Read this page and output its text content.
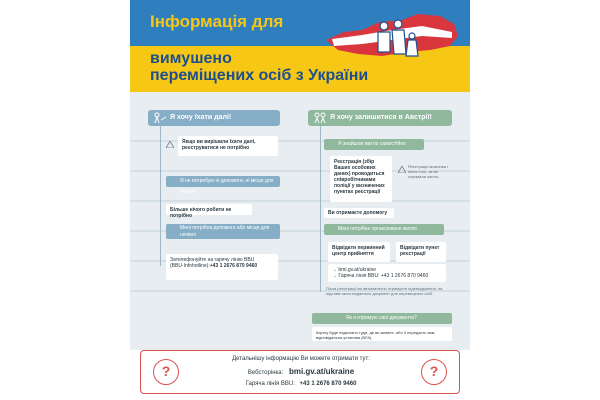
Інформація для
вимушено
переміщених осіб з України
Я хочу їхати далі!
Якщо ви вирішили їхати далі, реєструватися не потрібно
Я не потребую ні допомоги, ні місця для ночівлі
Більше нічого робити не потрібно
Мені потрібна допомога або місце для ночівлі
Зателефонуйте на гарячу лінію BBU
(BBU-Infohotline):+43 1 2676 870 9460
Я хочу залишитися в Австрії!
Я знайшов житло самостійно
Реєстрація (збір Ваших особових даних) проводиться співробітниками поліції у визначених пунктах реєстрації
Реєстрація можлива і після того, як ви отримали житло.
Ви отримаєте допомогу
Мені потрібне організоване житло
Відвідати первинний центр прийняття
Відвідати пункт реєстрації
→ bmi.gv.at/ukraine
→ Гаряча лінія BBU: +43 1 2676 870 9460
Після реєстрації ви автоматично отримуєте підтвердження, на підставі якого видається документ для переміщених осіб.
Як я отримую свої документи?
Картку буде надіслано туди, де ви живете, або її передасть вам відповідальна установа (BFA).
?	?
Детальнішу інформацію Ви можете отримати тут:
Вебсторінка: bmi.gv.at/ukraine
Гаряча лінія BBU: +43 1 2676 870 9460
